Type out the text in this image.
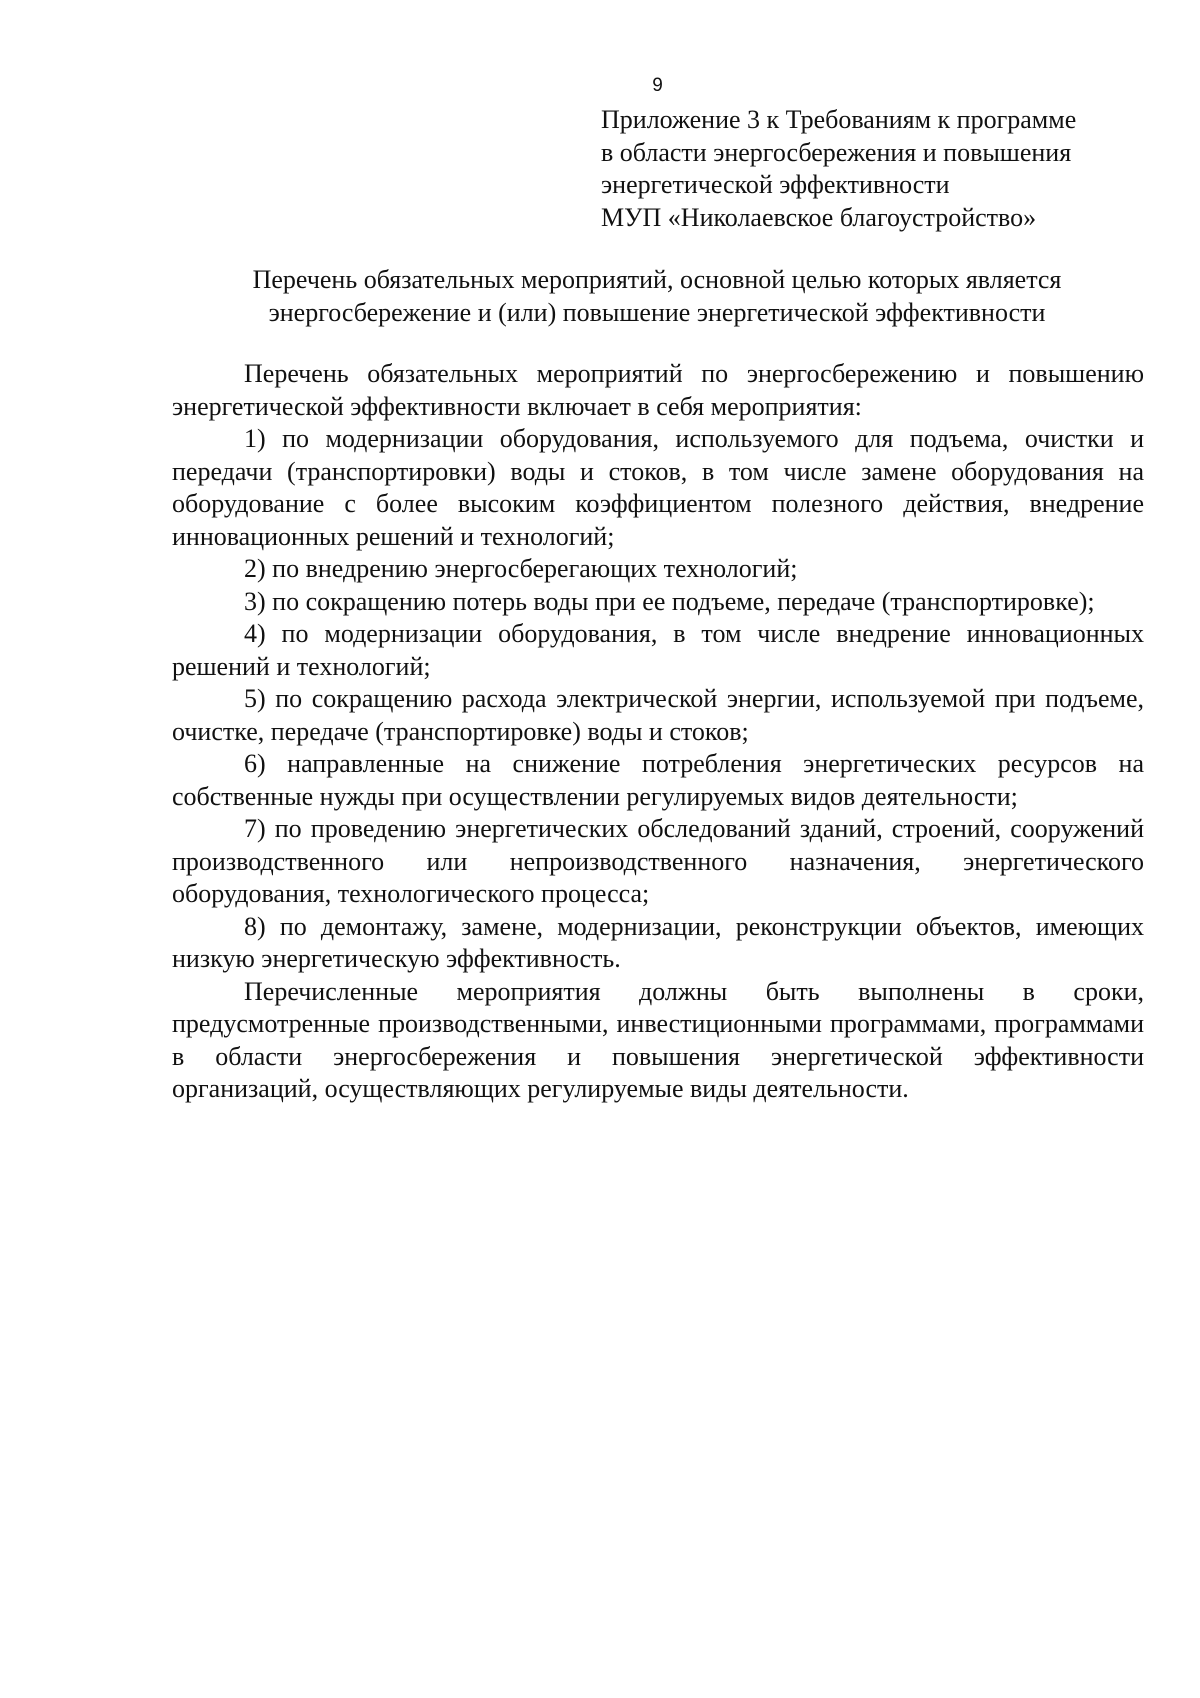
9
Приложение 3 к Требованиям к программе
в области энергосбережения и повышения
энергетической эффективности
МУП «Николаевское благоустройство»
Перечень обязательных мероприятий, основной целью которых является
энергосбережение и (или) повышение энергетической эффективности

Перечень обязательных мероприятий по энергосбережению и повышению энергетической эффективности включает в себя мероприятия:

1) по модернизации оборудования, используемого для подъема, очистки и передачи (транспортировки) воды и стоков, в том числе замене оборудования на оборудование с более высоким коэффициентом полезного действия, внедрение инновационных решений и технологий;

2) по внедрению энергосберегающих технологий;

3) по сокращению потерь воды при ее подъеме, передаче (транспортировке);

4) по модернизации оборудования, в том числе внедрение инновационных решений и технологий;

5) по сокращению расхода электрической энергии, используемой при подъеме, очистке, передаче (транспортировке) воды и стоков;

6) направленные на снижение потребления энергетических ресурсов на собственные нужды при осуществлении регулируемых видов деятельности;

7) по проведению энергетических обследований зданий, строений, сооружений производственного или непроизводственного назначения, энергетического оборудования, технологического процесса;

8) по демонтажу, замене, модернизации, реконструкции объектов, имеющих низкую энергетическую эффективность.

Перечисленные мероприятия должны быть выполнены в сроки, предусмотренные производственными, инвестиционными программами, программами в области энергосбережения и повышения энергетической эффективности организаций, осуществляющих регулируемые виды деятельности.
